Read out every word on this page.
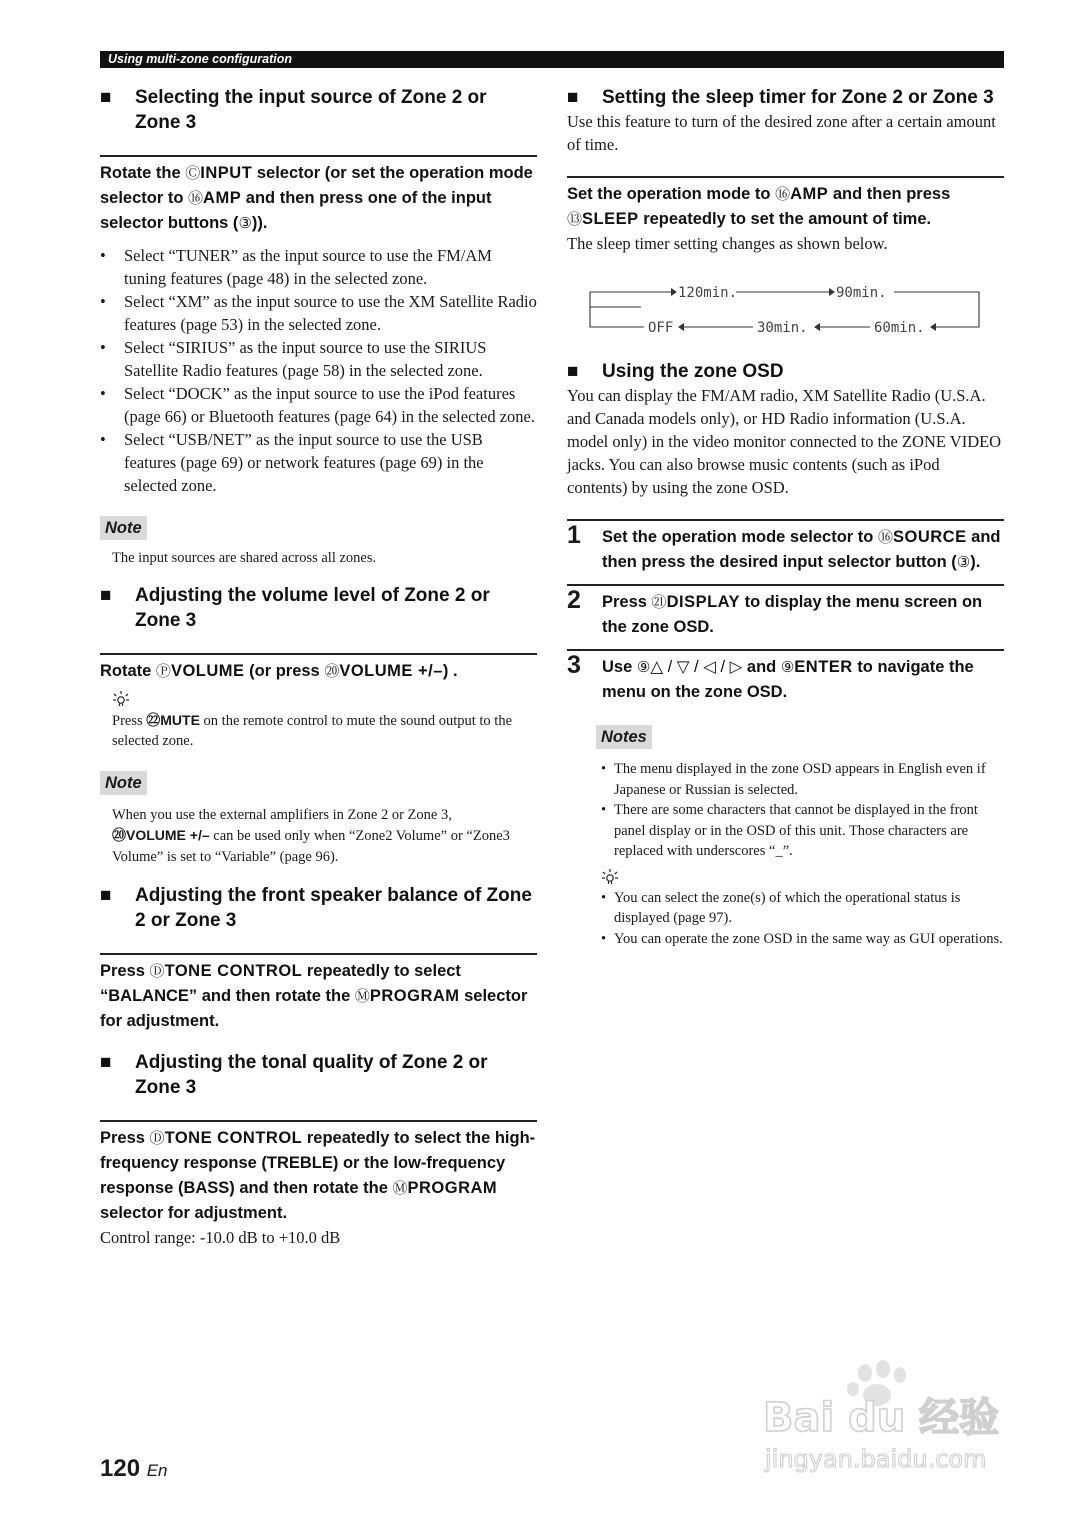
Using multi-zone configuration
■ Selecting the input source of Zone 2 or Zone 3

Rotate the ⒸINPUT selector (or set the operation mode selector to ⑯AMP and then press one of the input selector buttons (③)).

• Select “TUNER” as the input source to use the FM/AM tuning features (page 48) in the selected zone.
• Select “XM” as the input source to use the XM Satellite Radio features (page 53) in the selected zone.
• Select “SIRIUS” as the input source to use the SIRIUS Satellite Radio features (page 58) in the selected zone.
• Select “DOCK” as the input source to use the iPod features (page 66) or Bluetooth features (page 64) in the selected zone.
• Select “USB/NET” as the input source to use the USB features (page 69) or network features (page 69) in the selected zone.
Note

The input sources are shared across all zones.

■ Adjusting the volume level of Zone 2 or Zone 3

Rotate ⓅVOLUME (or press ⑳VOLUME +/–) .

Press ㉒MUTE on the remote control to mute the sound output to the selected zone.

Note

When you use the external amplifiers in Zone 2 or Zone 3,
⑳VOLUME +/– can be used only when “Zone2 Volume” or “Zone3 Volume” is set to “Variable” (page 96).

■ Adjusting the front speaker balance of Zone 2 or Zone 3

Press ⒹTONE CONTROL repeatedly to select “BALANCE” and then rotate the ⓂPROGRAM selector for adjustment.

■ Adjusting the tonal quality of Zone 2 or Zone 3

Press ⒹTONE CONTROL repeatedly to select the high-frequency response (TREBLE) or the low-frequency response (BASS) and then rotate the ⓂPROGRAM selector for adjustment.

Control range: -10.0 dB to +10.0 dB

■ Setting the sleep timer for Zone 2 or Zone 3

Use this feature to turn of the desired zone after a certain amount of time.

Set the operation mode to ⑯AMP and then press ⑬SLEEP repeatedly to set the amount of time.

The sleep timer setting changes as shown below.

120min.	90min.
OFF	30min.	60min.
■ Using the zone OSD

You can display the FM/AM radio, XM Satellite Radio (U.S.A. and Canada models only), or HD Radio information (U.S.A. model only) in the video monitor connected to the ZONE VIDEO jacks. You can also browse music contents (such as iPod contents) by using the zone OSD.

1 Set the operation mode selector to ⑯SOURCE and then press the desired input selector button (③).

2 Press ㉑DISPLAY to display the menu screen on the zone OSD.

3 Use ⑨△ / ▽ / ◁ / ▷ and ⑨ENTER to navigate the menu on the zone OSD.

Notes
• The menu displayed in the zone OSD appears in English even if Japanese or Russian is selected.
• There are some characters that cannot be displayed in the front panel display or in the OSD of this unit. Those characters are replaced with underscores “_”.
• You can select the zone(s) of which the operational status is displayed (page 97).
• You can operate the zone OSD in the same way as GUI operations.
120 En
Bai du 经验
jingyan.baidu.com
